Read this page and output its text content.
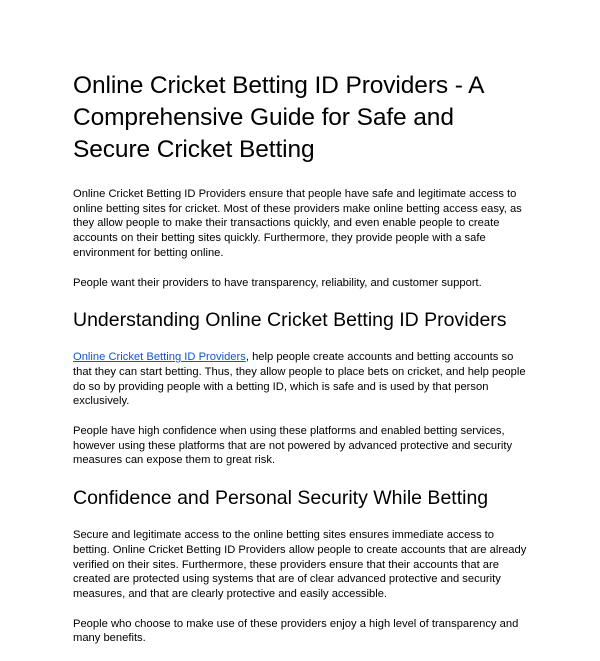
Online Cricket Betting ID Providers - A Comprehensive Guide for Safe and Secure Cricket Betting

Online Cricket Betting ID Providers ensure that people have safe and legitimate access to online betting sites for cricket. Most of these providers make online betting access easy, as they allow people to make their transactions quickly, and even enable people to create accounts on their betting sites quickly. Furthermore, they provide people with a safe environment for betting online.

People want their providers to have transparency, reliability, and customer support.

Understanding Online Cricket Betting ID Providers

Online Cricket Betting ID Providers, help people create accounts and betting accounts so that they can start betting. Thus, they allow people to place bets on cricket, and help people do so by providing people with a betting ID, which is safe and is used by that person exclusively.

People have high confidence when using these platforms and enabled betting services, however using these platforms that are not powered by advanced protective and security measures can expose them to great risk.

Confidence and Personal Security While Betting

Secure and legitimate access to the online betting sites ensures immediate access to betting. Online Cricket Betting ID Providers allow people to create accounts that are already verified on their sites. Furthermore, these providers ensure that their accounts that are created are protected using systems that are of clear advanced protective and security measures, and that are clearly protective and easily accessible.

People who choose to make use of these providers enjoy a high level of transparency and many benefits.
